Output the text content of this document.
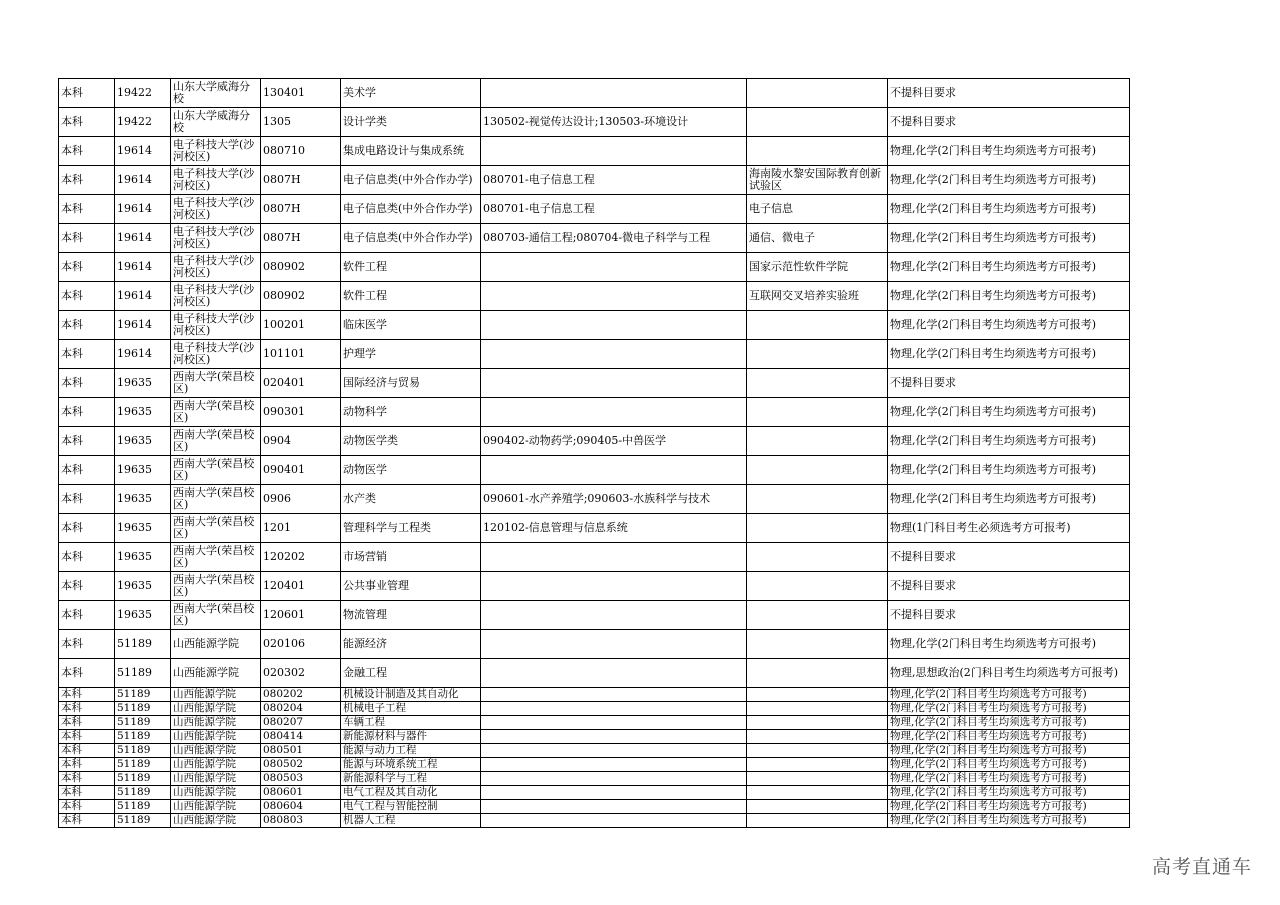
本科	19422	山东大学威海分校	130401	美术学			不提科目要求
本科	19422	山东大学威海分校	1305	设计学类	130502-视觉传达设计;130503-环境设计		不提科目要求
本科	19614	电子科技大学(沙河校区)	080710	集成电路设计与集成系统			物理,化学(2门科目考生均须选考方可报考)
本科	19614	电子科技大学(沙河校区)	0807H	电子信息类(中外合作办学)	080701-电子信息工程	海南陵水黎安国际教育创新试验区	物理,化学(2门科目考生均须选考方可报考)
本科	19614	电子科技大学(沙河校区)	0807H	电子信息类(中外合作办学)	080701-电子信息工程	电子信息	物理,化学(2门科目考生均须选考方可报考)
本科	19614	电子科技大学(沙河校区)	0807H	电子信息类(中外合作办学)	080703-通信工程;080704-微电子科学与工程	通信、微电子	物理,化学(2门科目考生均须选考方可报考)
本科	19614	电子科技大学(沙河校区)	080902	软件工程		国家示范性软件学院	物理,化学(2门科目考生均须选考方可报考)
本科	19614	电子科技大学(沙河校区)	080902	软件工程		互联网交叉培养实验班	物理,化学(2门科目考生均须选考方可报考)
本科	19614	电子科技大学(沙河校区)	100201	临床医学			物理,化学(2门科目考生均须选考方可报考)
本科	19614	电子科技大学(沙河校区)	101101	护理学			物理,化学(2门科目考生均须选考方可报考)
本科	19635	西南大学(荣昌校区)	020401	国际经济与贸易			不提科目要求
本科	19635	西南大学(荣昌校区)	090301	动物科学			物理,化学(2门科目考生均须选考方可报考)
本科	19635	西南大学(荣昌校区)	0904	动物医学类	090402-动物药学;090405-中兽医学		物理,化学(2门科目考生均须选考方可报考)
本科	19635	西南大学(荣昌校区)	090401	动物医学			物理,化学(2门科目考生均须选考方可报考)
本科	19635	西南大学(荣昌校区)	0906	水产类	090601-水产养殖学;090603-水族科学与技术		物理,化学(2门科目考生均须选考方可报考)
本科	19635	西南大学(荣昌校区)	1201	管理科学与工程类	120102-信息管理与信息系统		物理(1门科目考生必须选考方可报考)
本科	19635	西南大学(荣昌校区)	120202	市场营销			不提科目要求
本科	19635	西南大学(荣昌校区)	120401	公共事业管理			不提科目要求
本科	19635	西南大学(荣昌校区)	120601	物流管理			不提科目要求
本科	51189	山西能源学院	020106	能源经济			物理,化学(2门科目考生均须选考方可报考)
本科	51189	山西能源学院	020302	金融工程			物理,思想政治(2门科目考生均须选考方可报考)
本科	51189	山西能源学院	080202	机械设计制造及其自动化			物理,化学(2门科目考生均须选考方可报考)
本科	51189	山西能源学院	080204	机械电子工程			物理,化学(2门科目考生均须选考方可报考)
本科	51189	山西能源学院	080207	车辆工程			物理,化学(2门科目考生均须选考方可报考)
本科	51189	山西能源学院	080414	新能源材料与器件			物理,化学(2门科目考生均须选考方可报考)
本科	51189	山西能源学院	080501	能源与动力工程			物理,化学(2门科目考生均须选考方可报考)
本科	51189	山西能源学院	080502	能源与环境系统工程			物理,化学(2门科目考生均须选考方可报考)
本科	51189	山西能源学院	080503	新能源科学与工程			物理,化学(2门科目考生均须选考方可报考)
本科	51189	山西能源学院	080601	电气工程及其自动化			物理,化学(2门科目考生均须选考方可报考)
本科	51189	山西能源学院	080604	电气工程与智能控制			物理,化学(2门科目考生均须选考方可报考)
本科	51189	山西能源学院	080803	机器人工程			物理,化学(2门科目考生均须选考方可报考)
高考直通车
